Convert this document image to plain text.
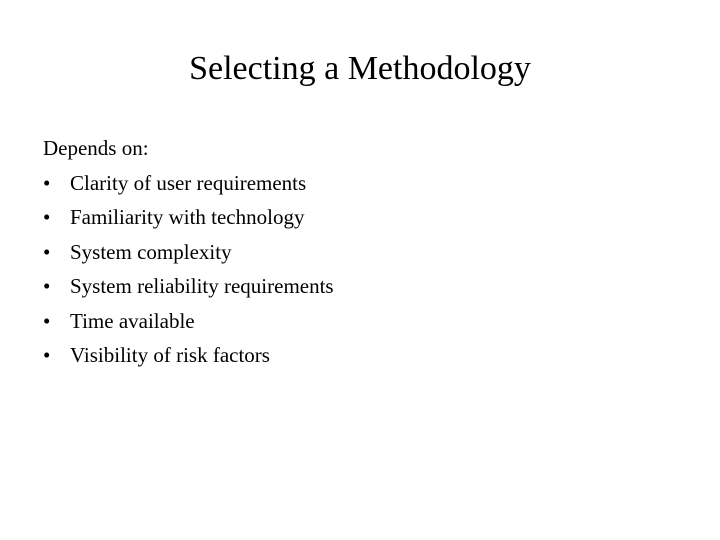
Selecting a Methodology
Depends on:
• Clarity of user requirements
• Familiarity with technology
• System complexity
• System reliability requirements
• Time available
• Visibility of risk factors
